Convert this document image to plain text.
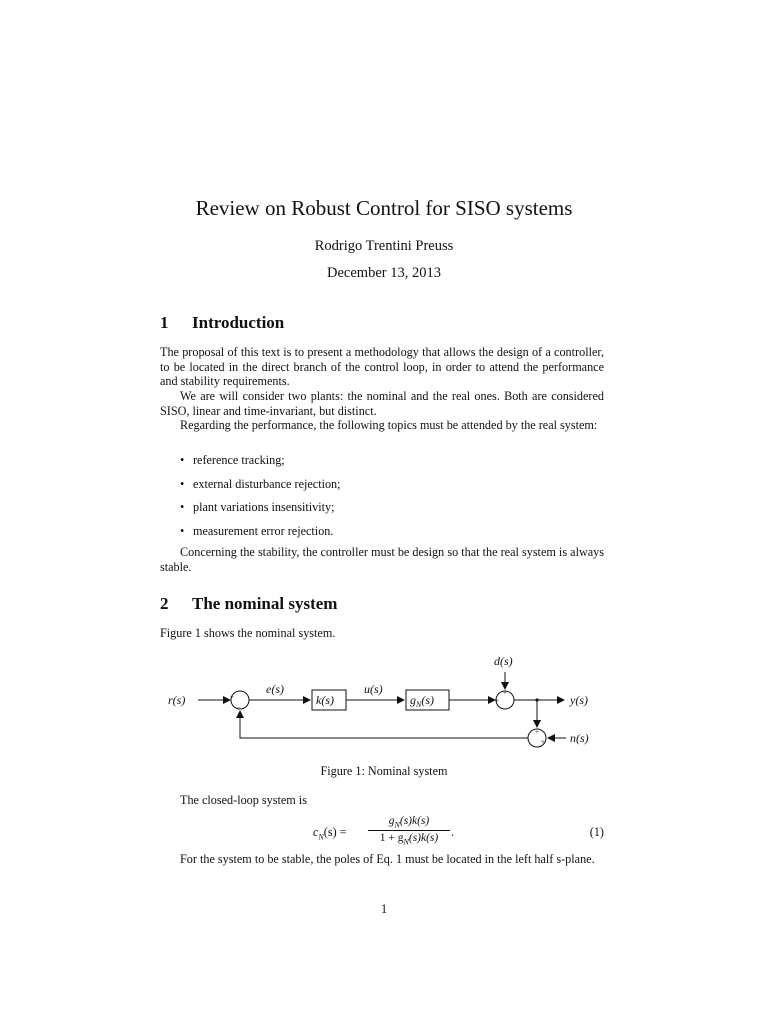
Review on Robust Control for SISO systems
Rodrigo Trentini Preuss
December 13, 2013
1 Introduction
The proposal of this text is to present a methodology that allows the design of a controller, to be located in the direct branch of the control loop, in order to attend the performance and stability requirements.
We are will consider two plants: the nominal and the real ones. Both are considered SISO, linear and time-invariant, but distinct.
Regarding the performance, the following topics must be attended by the real system:
• reference tracking;
• external disturbance rejection;
• plant variations insensitivity;
• measurement error rejection.
Concerning the stability, the controller must be design so that the real system is always stable.
2 The nominal system
Figure 1 shows the nominal system.
r(s)	+
−
e(s)
k(s)
u(s)
$g_N(s)$	+
+
d(s)
y(s)
+
+ n(s)
Figure 1: Nominal system
The closed-loop system is
$c_N(s) = \frac{g_N(s)k(s)}{1 + g_N(s)k(s)}$ .	(1)
For the system to be stable, the poles of Eq. 1 must be located in the left half s-plane.
1
